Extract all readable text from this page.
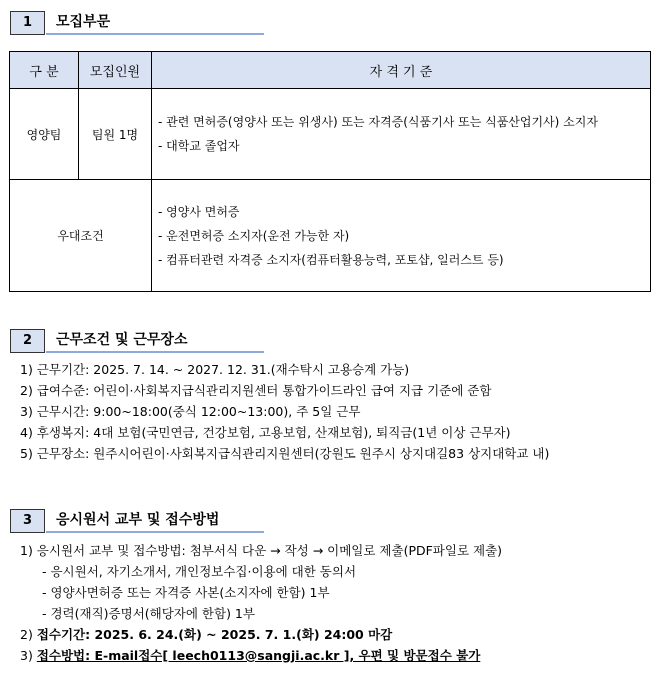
1	모집부문
구 분	모집인원	자 격 기 준
영양팀	팀원 1명	- 관련 면허증(영양사 또는 위생사) 또는 자격증(식품기사 또는 식품산업기사) 소지자

- 대학교 졸업자

우대조건		- 영양사 면허증

- 운전면허증 소지자(운전 가능한 자)

- 컴퓨터관련 자격증 소지자(컴퓨터활용능력, 포토샵, 일러스트 등)

2	근무조건 및 근무장소
1) 근무기간: 2025. 7. 14. ~ 2027. 12. 31.(재수탁시 고용승계 가능)
2) 급여수준: 어린이·사회복지급식관리지원센터 통합가이드라인 급여 지급 기준에 준함
3) 근무시간: 9:00~18:00(중식 12:00~13:00), 주 5일 근무
4) 후생복지: 4대 보험(국민연금, 건강보험, 고용보험, 산재보험), 퇴직금(1년 이상 근무자)
5) 근무장소: 원주시어린이·사회복지급식관리지원센터(강원도 원주시 상지대길83 상지대학교 내)
3	응시원서 교부 및 접수방법
1) 응시원서 교부 및 접수방법: 첨부서식 다운 → 작성 → 이메일로 제출(PDF파일로 제출)
- 응시원서, 자기소개서, 개인정보수집·이용에 대한 동의서
- 영양사면허증 또는 자격증 사본(소지자에 한함) 1부
- 경력(재직)증명서(해당자에 한함) 1부
2) 접수기간: 2025. 6. 24.(화) ~ 2025. 7. 1.(화) 24:00 마감
3) 접수방법: E-mail접수[ leech0113@sangji.ac.kr ], 우편 및 방문접수 불가
